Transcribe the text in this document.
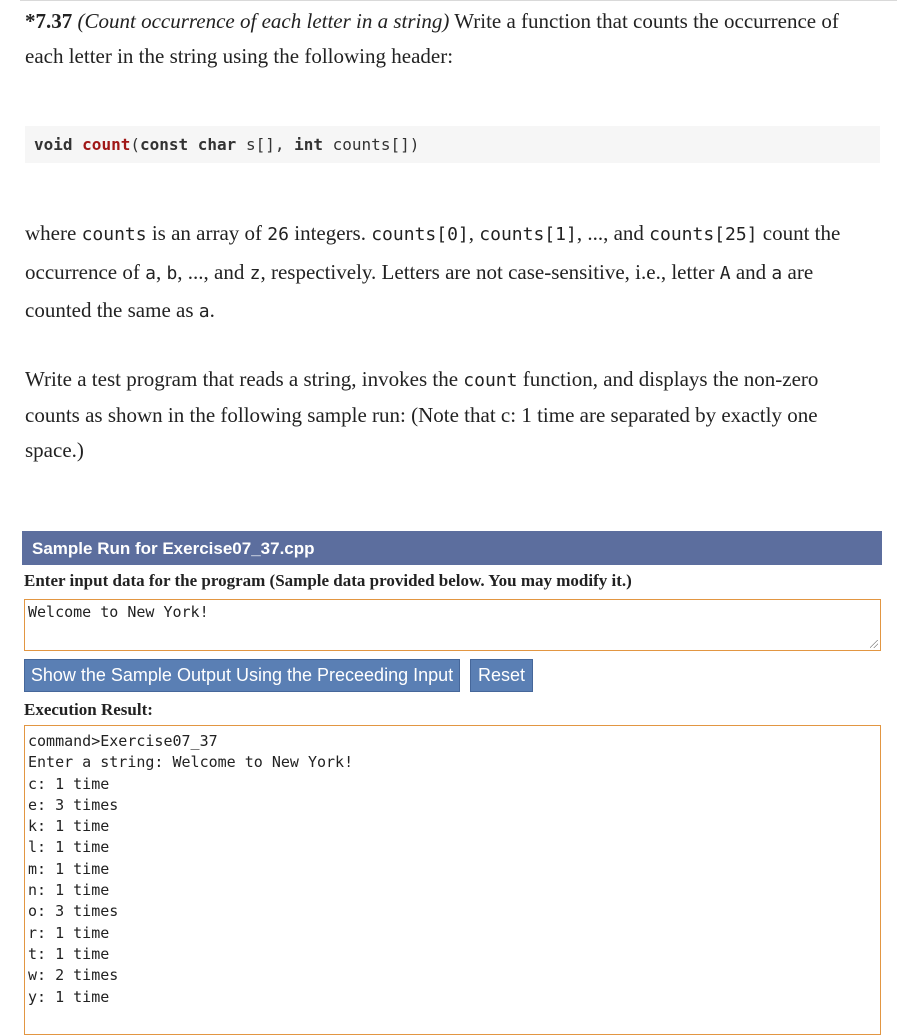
*7.37 (Count occurrence of each letter in a string) Write a function that counts the occurrence of each letter in the string using the following header:
void count(const char s[], int counts[])
where counts is an array of 26 integers. counts[0], counts[1], ..., and counts[25] count the occurrence of a, b, ..., and z, respectively. Letters are not case-sensitive, i.e., letter A and a are counted the same as a.
Write a test program that reads a string, invokes the count function, and displays the non-zero counts as shown in the following sample run: (Note that c: 1 time are separated by exactly one space.)
Sample Run for Exercise07_37.cpp
Enter input data for the program (Sample data provided below. You may modify it.)
Welcome to New York!
Show the Sample Output Using the Preceeding Input	Reset
Execution Result:
command>Exercise07_37
Enter a string: Welcome to New York!
c: 1 time
e: 3 times
k: 1 time
l: 1 time
m: 1 time
n: 1 time
o: 3 times
r: 1 time
t: 1 time
w: 2 times
y: 1 time
